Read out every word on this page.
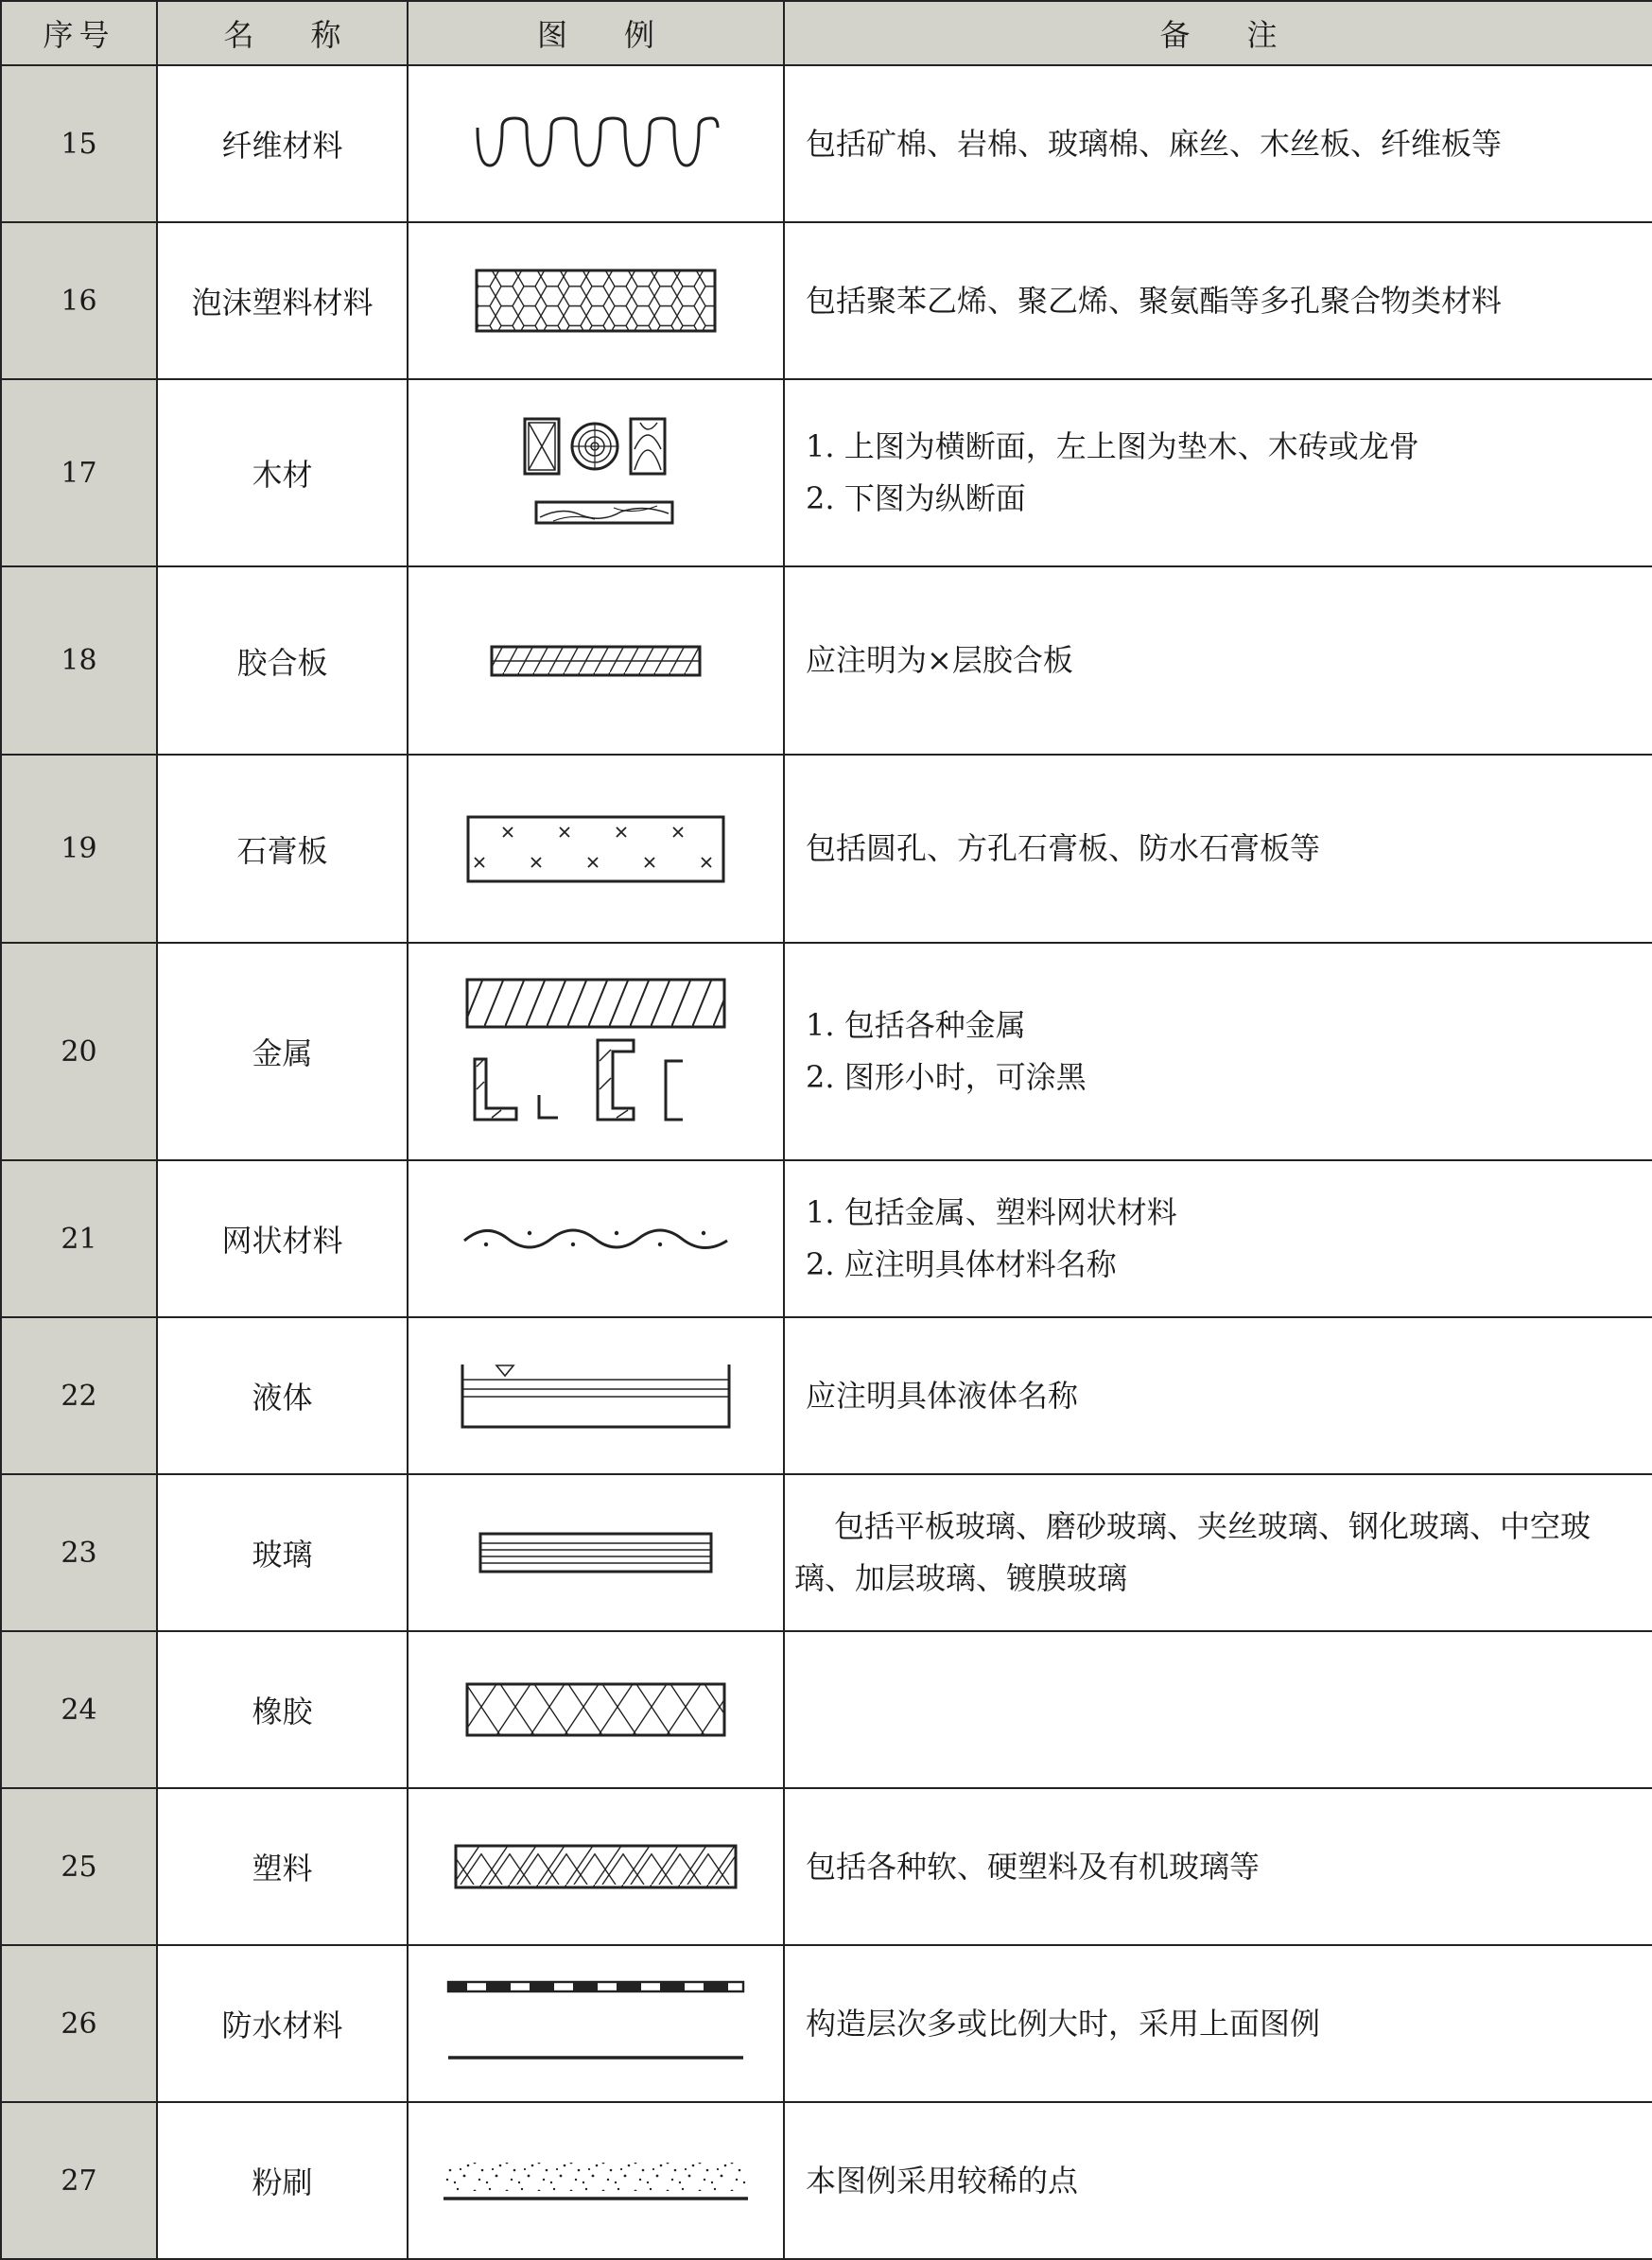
序号	名称	图例	备注
15	纤维材料		包括矿棉、岩棉、玻璃棉、麻丝、木丝板、纤维板等

16	泡沫塑料材料		包括聚苯乙烯、聚乙烯、聚氨酯等多孔聚合物类材料

17	木材		1. 上图为横断面，左上图为垫木、木砖或龙骨
2. 下图为纵断面

18	胶合板		应注明为×层胶合板

19	石膏板		包括圆孔、方孔石膏板、防水石膏板等

20	金属		1. 包括各种金属
2. 图形小时，可涂黑

21	网状材料		1. 包括金属、塑料网状材料
2. 应注明具体材料名称

22	液体		应注明具体液体名称

23	玻璃		包括平板玻璃、磨砂玻璃、夹丝玻璃、钢化玻璃、中空玻璃、加层玻璃、镀膜玻璃

24	橡胶	

25	塑料		包括各种软、硬塑料及有机玻璃等

26	防水材料		构造层次多或比例大时，采用上面图例

27	粉刷		本图例采用较稀的点
